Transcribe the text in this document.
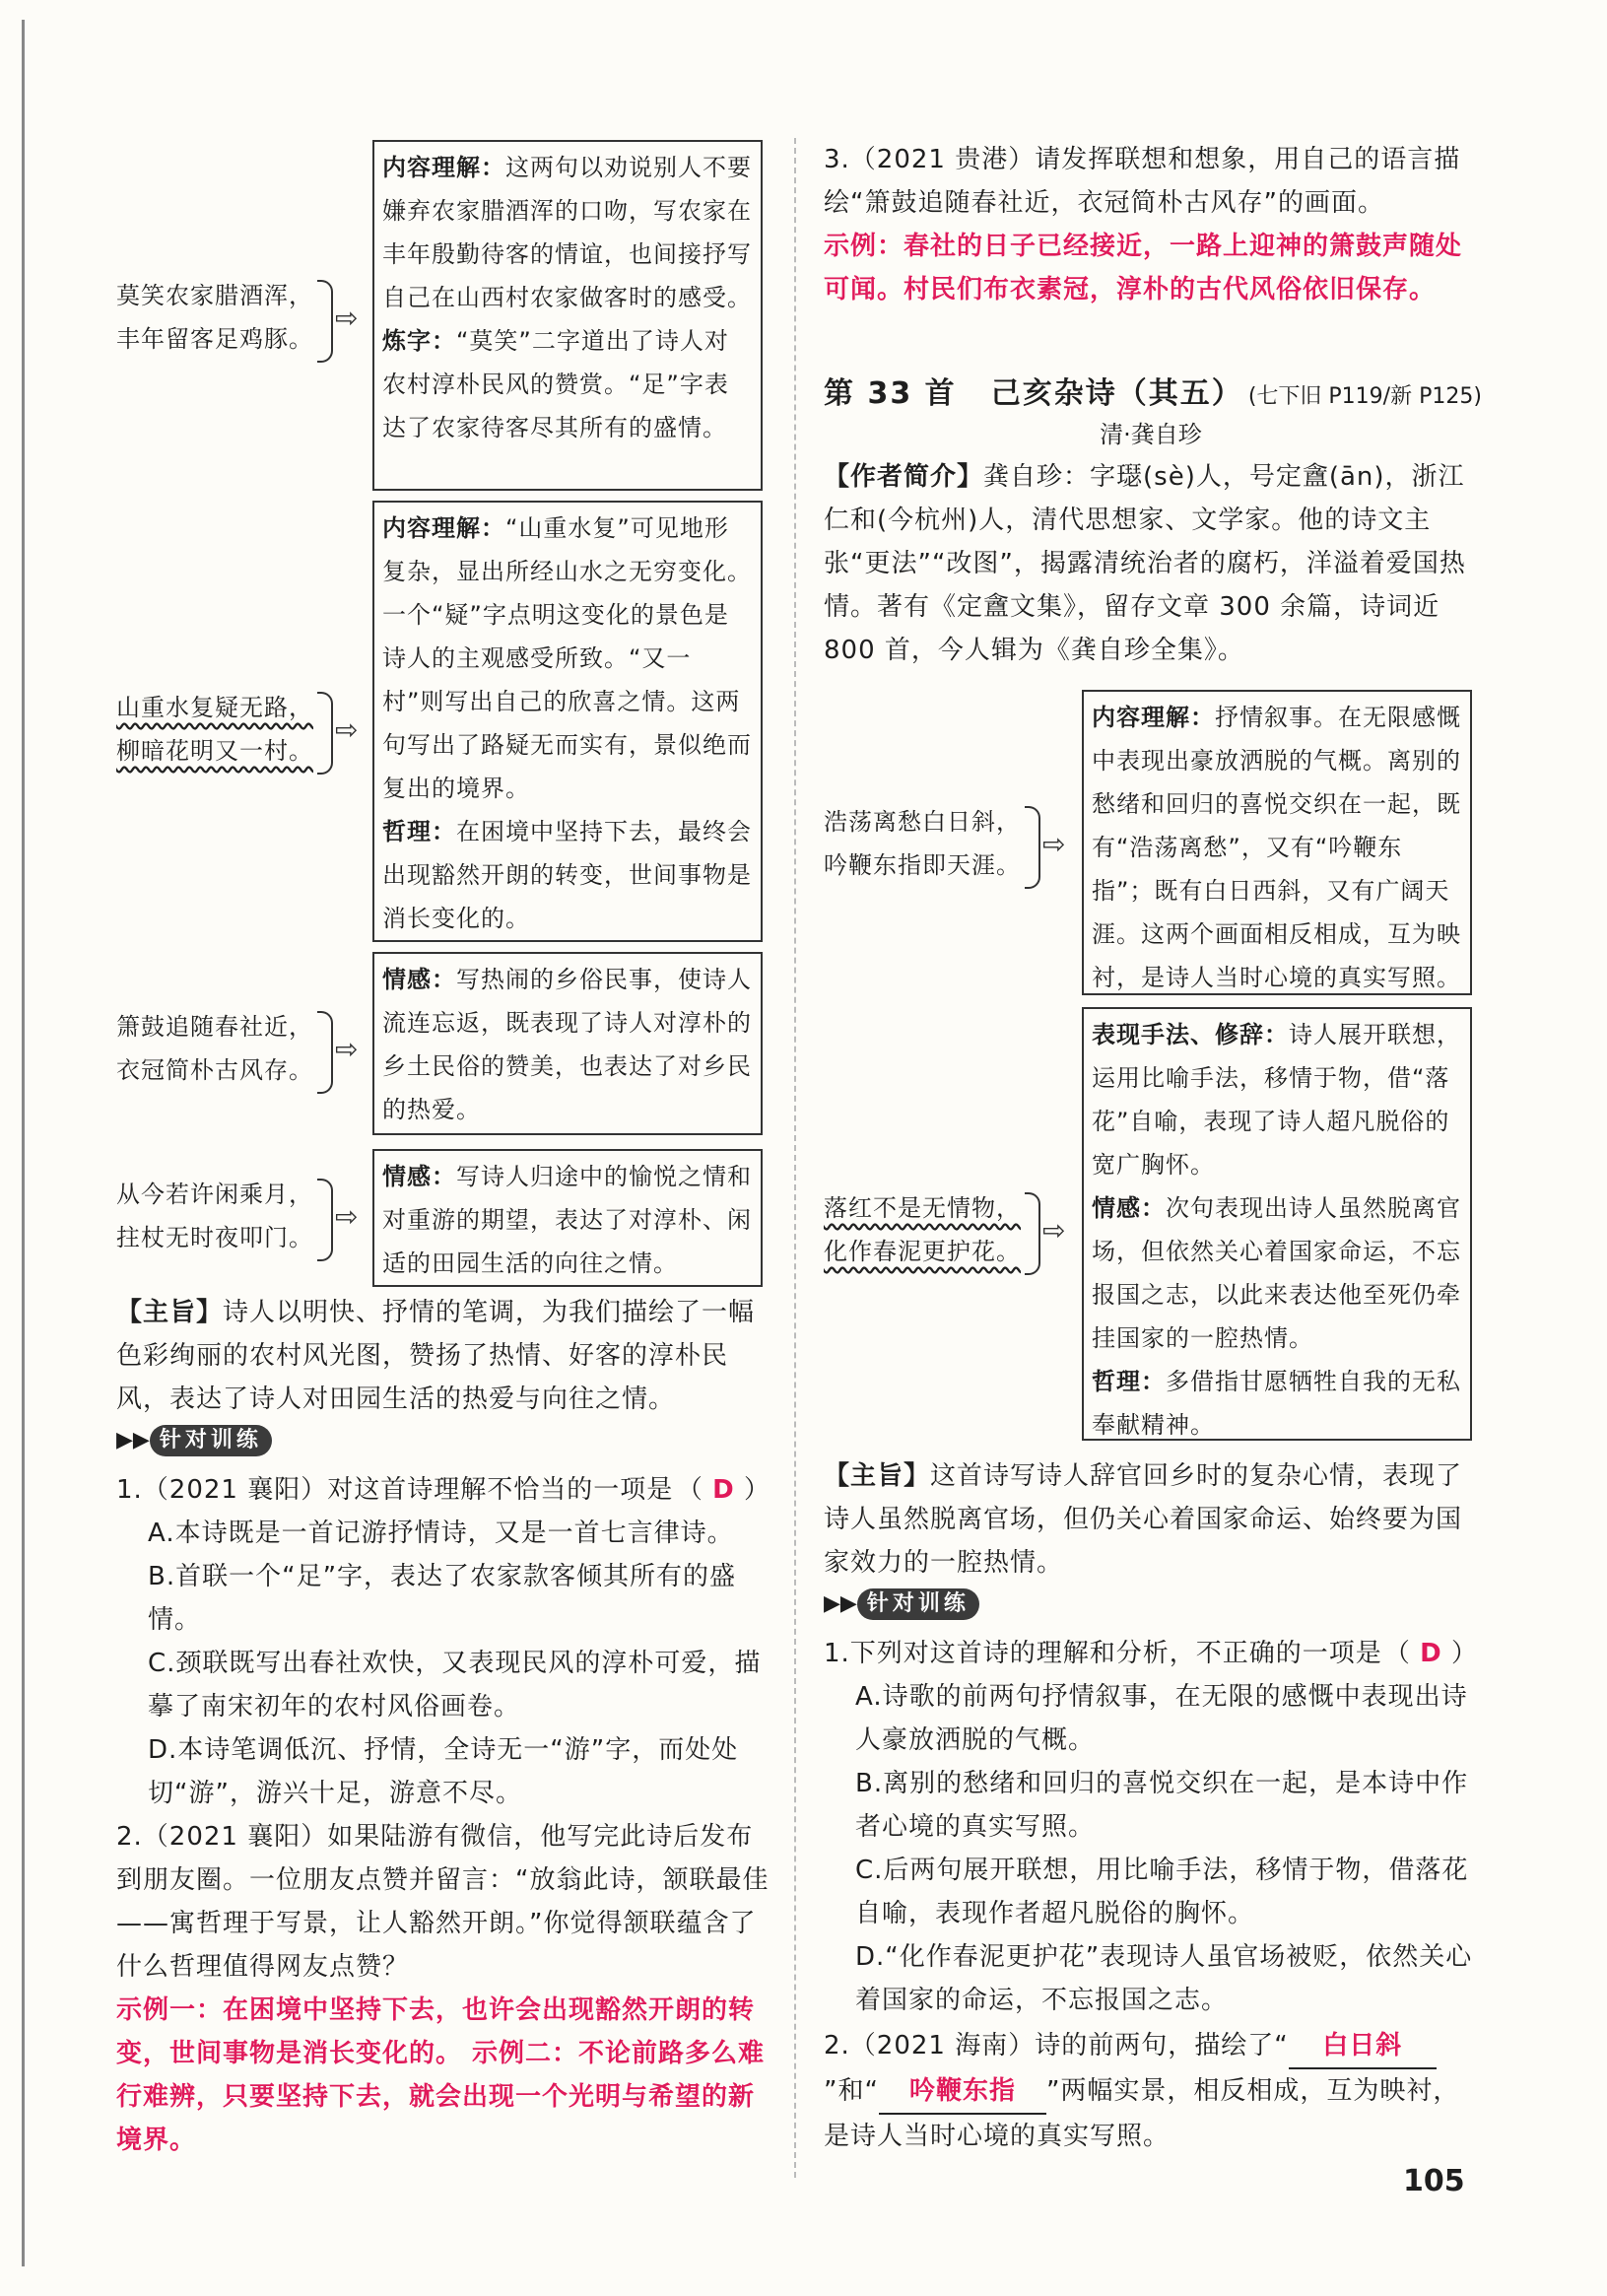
莫笑农家腊酒浑，
丰年留客足鸡豚。
⇨

内容理解：这两句以劝说别人不要嫌弃农家腊酒浑的口吻，写农家在丰年殷勤待客的情谊，也间接抒写自己在山西村农家做客时的感受。

炼字：“莫笑”二字道出了诗人对农村淳朴民风的赞赏。“足”字表达了农家待客尽其所有的盛情。

山重水复疑无路，
柳暗花明又一村。
⇨

内容理解：“山重水复”可见地形复杂，显出所经山水之无穷变化。一个“疑”字点明这变化的景色是诗人的主观感受所致。“又一村”则写出自己的欣喜之情。这两句写出了路疑无而实有，景似绝而复出的境界。

哲理：在困境中坚持下去，最终会出现豁然开朗的转变，世间事物是消长变化的。

箫鼓追随春社近，
衣冠简朴古风存。
⇨

情感：写热闹的乡俗民事，使诗人流连忘返，既表现了诗人对淳朴的乡土民俗的赞美，也表达了对乡民的热爱。

从今若许闲乘月，
拄杖无时夜叩门。
⇨

情感：写诗人归途中的愉悦之情和对重游的期望，表达了对淳朴、闲适的田园生活的向往之情。

【主旨】诗人以明快、抒情的笔调，为我们描绘了一幅色彩绚丽的农村风光图，赞扬了热情、好客的淳朴民风，表达了诗人对田园生活的热爱与向往之情。
▶▶ 针对训练
1.（2021 襄阳）对这首诗理解不恰当的一项是 （ D ）
A.本诗既是一首记游抒情诗，又是一首七言律诗。
B.首联一个“足”字，表达了农家款客倾其所有的盛情。
C.颈联既写出春社欢快，又表现民风的淳朴可爱，描摹了南宋初年的农村风俗画卷。
D.本诗笔调低沉、抒情，全诗无一“游”字，而处处切“游”，游兴十足，游意不尽。
2.（2021 襄阳）如果陆游有微信，他写完此诗后发布到朋友圈。一位朋友点赞并留言：“放翁此诗，颔联最佳——寓哲理于写景，让人豁然开朗。”你觉得颔联蕴含了什么哲理值得网友点赞？
示例一：在困境中坚持下去，也许会出现豁然开朗的转变，世间事物是消长变化的。 示例二：不论前路多么难行难辨，只要坚持下去，就会出现一个光明与希望的新境界。
3.（2021 贵港）请发挥联想和想象，用自己的语言描绘“箫鼓追随春社近，衣冠简朴古风存”的画面。
示例：春社的日子已经接近，一路上迎神的箫鼓声随处可闻。村民们布衣素冠，淳朴的古代风俗依旧保存。
第 33 首 己亥杂诗（其五） (七下旧 P119/新 P125)
清·龚自珍
【作者简介】龚自珍：字璱(sè)人，号定盦(ān)，浙江仁和(今杭州)人，清代思想家、文学家。他的诗文主张“更法”“改图”，揭露清统治者的腐朽，洋溢着爱国热情。著有《定盦文集》，留存文章 300 余篇，诗词近 800 首，今人辑为《龚自珍全集》。
浩荡离愁白日斜，
吟鞭东指即天涯。
⇨

内容理解：抒情叙事。在无限感慨中表现出豪放洒脱的气概。离别的愁绪和回归的喜悦交织在一起，既有“浩荡离愁”，又有“吟鞭东指”；既有白日西斜，又有广阔天涯。这两个画面相反相成，互为映衬，是诗人当时心境的真实写照。

落红不是无情物，
化作春泥更护花。
⇨

表现手法、修辞：诗人展开联想，运用比喻手法，移情于物，借“落花”自喻，表现了诗人超凡脱俗的宽广胸怀。

情感：次句表现出诗人虽然脱离官场，但依然关心着国家命运，不忘报国之志，以此来表达他至死仍牵挂国家的一腔热情。

哲理：多借指甘愿牺牲自我的无私奉献精神。

【主旨】这首诗写诗人辞官回乡时的复杂心情，表现了诗人虽然脱离官场，但仍关心着国家命运、始终要为国家效力的一腔热情。
▶▶ 针对训练
1.下列对这首诗的理解和分析，不正确的一项是 （ D ）
A.诗歌的前两句抒情叙事，在无限的感慨中表现出诗人豪放洒脱的气概。
B.离别的愁绪和回归的喜悦交织在一起，是本诗中作者心境的真实写照。
C.后两句展开联想，用比喻手法，移情于物，借落花自喻，表现作者超凡脱俗的胸怀。
D.“化作春泥更护花”表现诗人虽官场被贬，依然关心着国家的命运，不忘报国之志。
2.（2021 海南）诗的前两句，描绘了“ 白日斜”和“ 吟鞭东指 ”两幅实景，相反相成，互为映衬，是诗人当时心境的真实写照。
105
